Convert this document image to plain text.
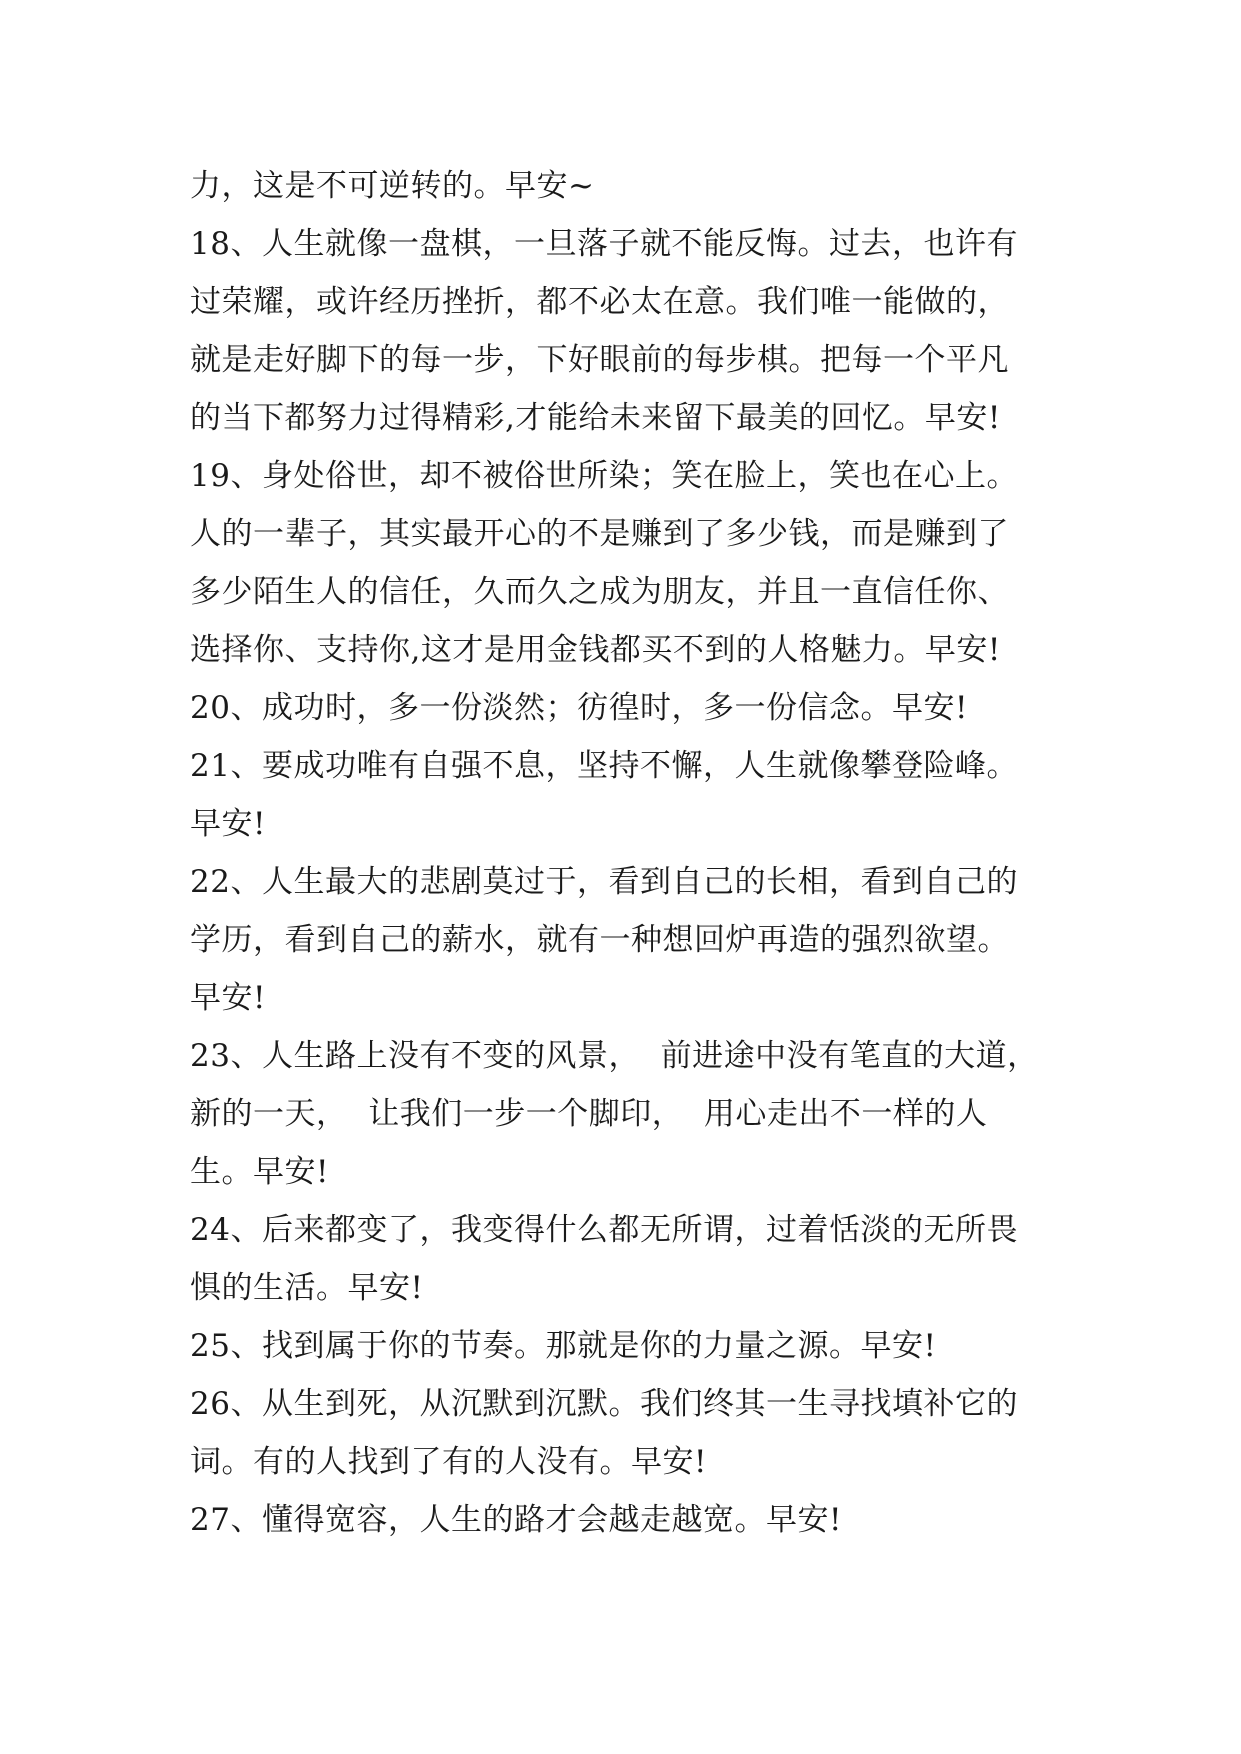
力，这是不可逆转的。早安~
18、人生就像一盘棋，一旦落子就不能反悔。过去，也许有
过荣耀，或许经历挫折，都不必太在意。我们唯一能做的，
就是走好脚下的每一步，下好眼前的每步棋。把每一个平凡
的当下都努力过得精彩,才能给未来留下最美的回忆。早安!
19、身处俗世，却不被俗世所染；笑在脸上，笑也在心上。
人的一辈子，其实最开心的不是赚到了多少钱，而是赚到了
多少陌生人的信任，久而久之成为朋友，并且一直信任你、
选择你、支持你,这才是用金钱都买不到的人格魅力。早安!
20、成功时，多一份淡然；彷徨时，多一份信念。早安!
21、要成功唯有自强不息，坚持不懈，人生就像攀登险峰。
早安!
22、人生最大的悲剧莫过于，看到自己的长相，看到自己的
学历，看到自己的薪水，就有一种想回炉再造的强烈欲望。
早安!
23、人生路上没有不变的风景，  前进途中没有笔直的大道，
新的一天，  让我们一步一个脚印，  用心走出不一样的人
生。早安!
24、后来都变了，我变得什么都无所谓，过着恬淡的无所畏
惧的生活。早安!
25、找到属于你的节奏。那就是你的力量之源。早安!
26、从生到死，从沉默到沉默。我们终其一生寻找填补它的
词。有的人找到了有的人没有。早安!
27、懂得宽容，人生的路才会越走越宽。早安!
